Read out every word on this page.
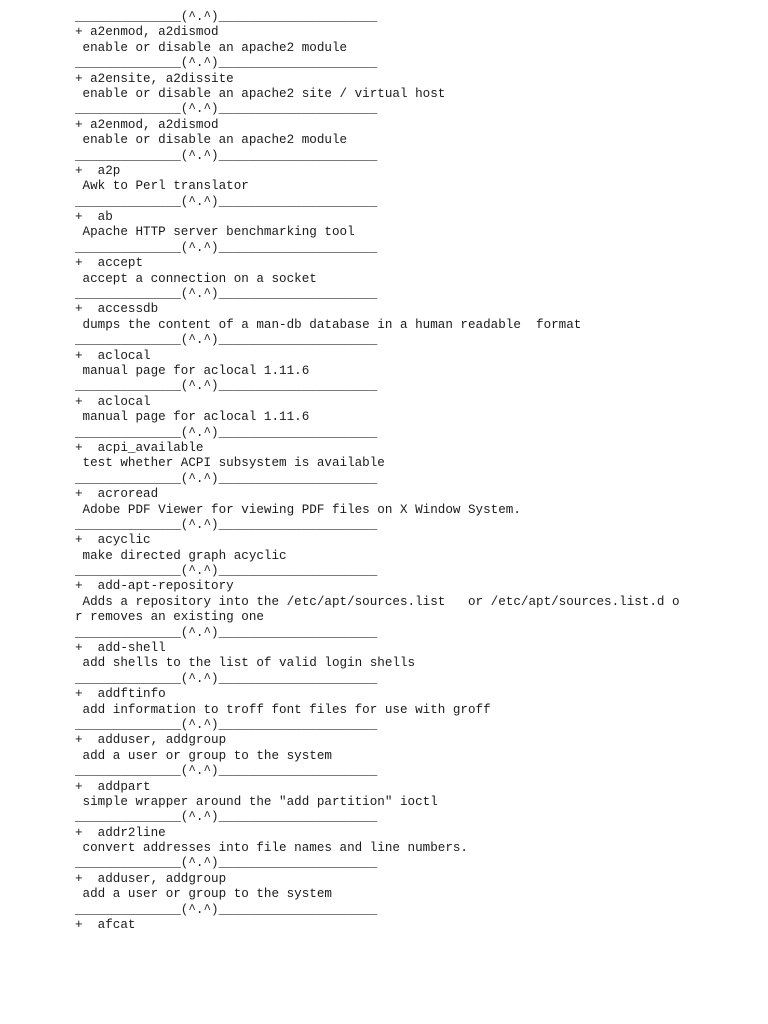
______________(^.^)_____________________
+ a2enmod, a2dismod
enable or disable an apache2 module
______________(^.^)_____________________
+ a2ensite, a2dissite
enable or disable an apache2 site / virtual host
______________(^.^)_____________________
+ a2enmod, a2dismod
enable or disable an apache2 module
______________(^.^)_____________________
+  a2p
Awk to Perl translator
______________(^.^)_____________________
+  ab
Apache HTTP server benchmarking tool
______________(^.^)_____________________
+  accept
accept a connection on a socket
______________(^.^)_____________________
+  accessdb
dumps the content of a man-db database in a human readable  format
______________(^.^)_____________________
+  aclocal
manual page for aclocal 1.11.6
______________(^.^)_____________________
+  aclocal
manual page for aclocal 1.11.6
______________(^.^)_____________________
+  acpi_available
test whether ACPI subsystem is available
______________(^.^)_____________________
+  acroread
Adobe PDF Viewer for viewing PDF files on X Window System.
______________(^.^)_____________________
+  acyclic
make directed graph acyclic
______________(^.^)_____________________
+  add-apt-repository
Adds a repository into the /etc/apt/sources.list   or /etc/apt/sources.list.d o
r removes an existing one
______________(^.^)_____________________
+  add-shell
add shells to the list of valid login shells
______________(^.^)_____________________
+  addftinfo
add information to troff font files for use with groff
______________(^.^)_____________________
+  adduser, addgroup
add a user or group to the system
______________(^.^)_____________________
+  addpart
simple wrapper around the "add partition" ioctl
______________(^.^)_____________________
+  addr2line
convert addresses into file names and line numbers.
______________(^.^)_____________________
+  adduser, addgroup
add a user or group to the system
______________(^.^)_____________________
+  afcat
